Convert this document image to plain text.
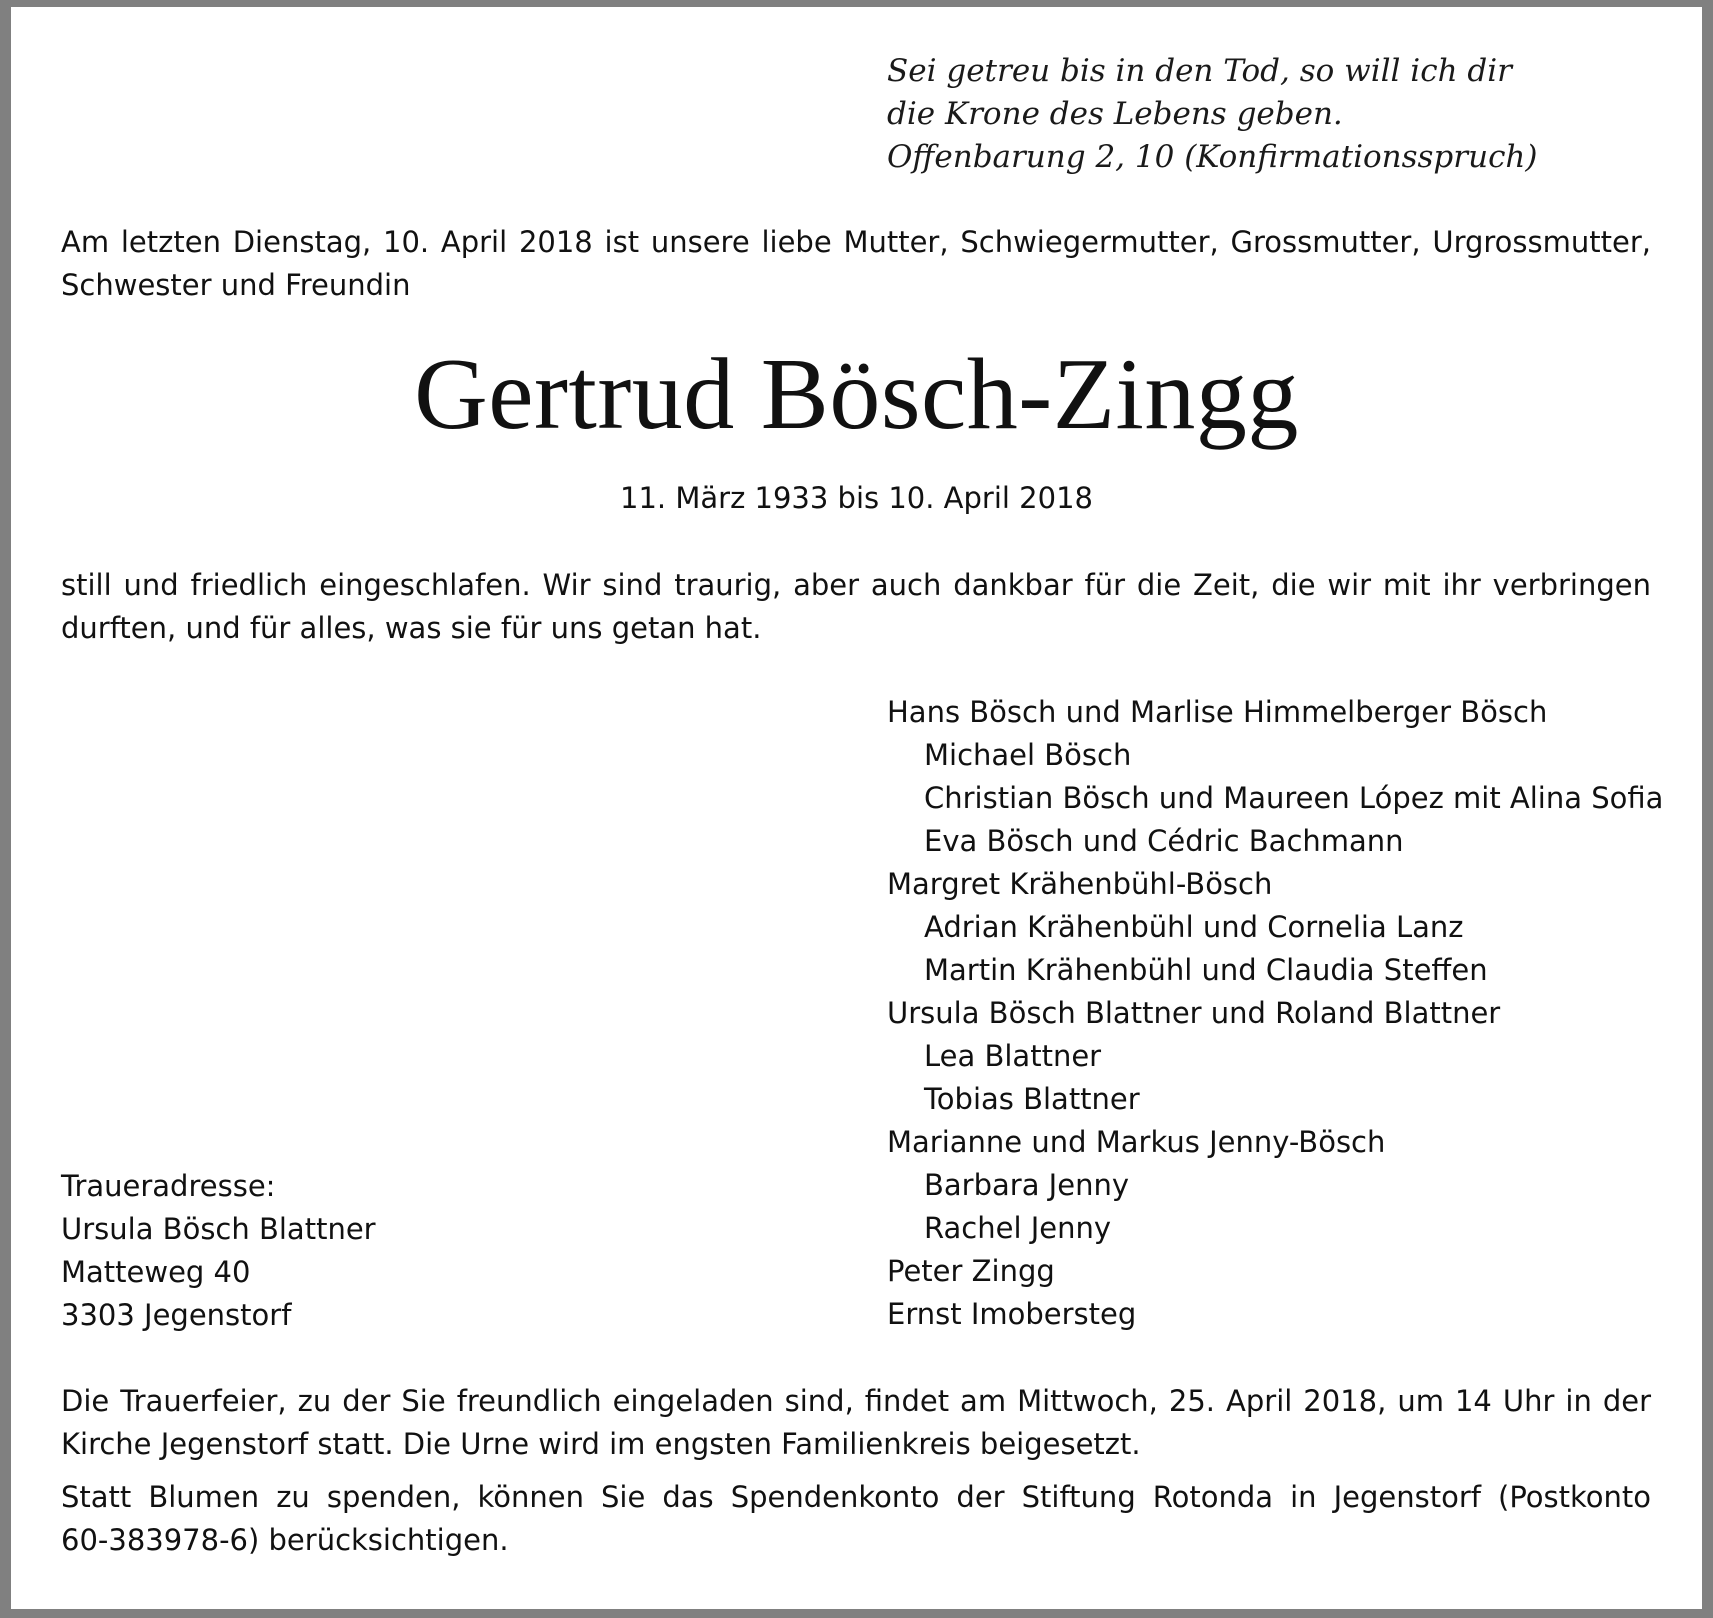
Sei getreu bis in den Tod, so will ich dir
die Krone des Lebens geben.
Offenbarung 2, 10 (Konfirmationsspruch)
Am letzten Dienstag, 10. April 2018 ist unsere liebe Mutter, Schwiegermutter, Grossmutter, Urgrossmutter,
Schwester und Freundin
Gertrud Bösch-Zingg
11. März 1933 bis 10. April 2018
still und friedlich eingeschlafen. Wir sind traurig, aber auch dankbar für die Zeit, die wir mit ihr verbringen
durften, und für alles, was sie für uns getan hat.
Hans Bösch und Marlise Himmelberger Bösch
Michael Bösch
Christian Bösch und Maureen López mit Alina Sofia
Eva Bösch und Cédric Bachmann
Margret Krähenbühl-Bösch
Adrian Krähenbühl und Cornelia Lanz
Martin Krähenbühl und Claudia Steffen
Ursula Bösch Blattner und Roland Blattner
Lea Blattner
Tobias Blattner
Marianne und Markus Jenny-Bösch
Barbara Jenny
Rachel Jenny
Peter Zingg
Ernst Imobersteg
Traueradresse:
Ursula Bösch Blattner
Matteweg 40
3303 Jegenstorf
Die Trauerfeier, zu der Sie freundlich eingeladen sind, findet am Mittwoch, 25. April 2018, um 14 Uhr in der
Kirche Jegenstorf statt. Die Urne wird im engsten Familienkreis beigesetzt.
Statt Blumen zu spenden, können Sie das Spendenkonto der Stiftung Rotonda in Jegenstorf (Postkonto
60-383978-6) berücksichtigen.
